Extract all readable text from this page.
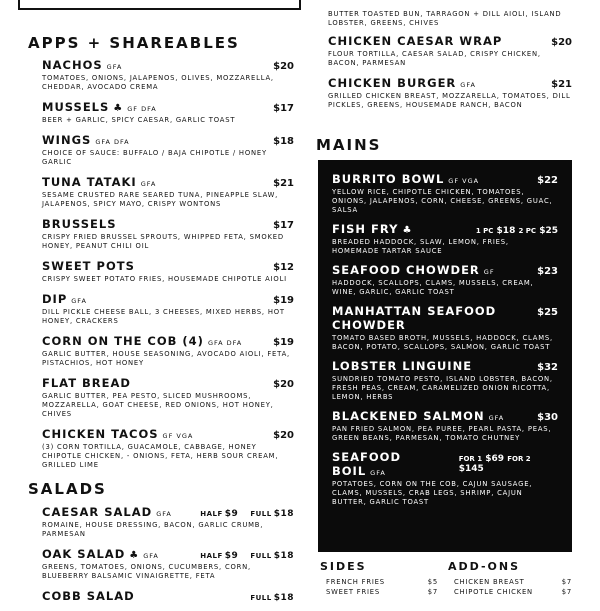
APPS + SHAREABLES
NACHOS GFA	$20
TOMATOES, ONIONS, JALAPENOS, OLIVES, MOZZARELLA, CHEDDAR, AVOCADO CREMA
MUSSELS ♣ GF DFA	$17
BEER + GARLIC, SPICY CAESAR, GARLIC TOAST
WINGS GFA DFA	$18
CHOICE OF SAUCE: BUFFALO / BAJA CHIPOTLE / HONEY GARLIC
TUNA TATAKI GFA	$21
SESAME CRUSTED RARE SEARED TUNA, PINEAPPLE SLAW, JALAPENOS, SPICY MAYO, CRISPY WONTONS
BRUSSELS	$17
CRISPY FRIED BRUSSEL SPROUTS, WHIPPED FETA, SMOKED HONEY, PEANUT CHILI OIL
SWEET POTS	$12
CRISPY SWEET POTATO FRIES, HOUSEMADE CHIPOTLE AIOLI
DIP GFA	$19
DILL PICKLE CHEESE BALL, 3 CHEESES, MIXED HERBS, HOT HONEY, CRACKERS
CORN ON THE COB (4) GFA DFA	$19
GARLIC BUTTER, HOUSE SEASONING, AVOCADO AIOLI, FETA, PISTACHIOS, HOT HONEY
FLAT BREAD	$20
GARLIC BUTTER, PEA PESTO, SLICED MUSHROOMS, MOZZARELLA, GOAT CHEESE, RED ONIONS, HOT HONEY, CHIVES
CHICKEN TACOS GF VGA	$20
(3) CORN TORTILLA, GUACAMOLE, CABBAGE, HONEY CHIPOTLE CHICKEN, - ONIONS, FETA, HERB SOUR CREAM, GRILLED LIME
SALADS
CAESAR SALAD GFA	HALF $9 FULL $18
ROMAINE, HOUSE DRESSING, BACON, GARLIC CRUMB, PARMESAN
OAK SALAD ♣ GFA	HALF $9 FULL $18
GREENS, TOMATOES, ONIONS, CUCUMBERS, CORN, BLUEBERRY BALSAMIC VINAIGRETTE, FETA
COBB SALAD	FULL $18
BUTTER TOASTED BUN, TARRAGON + DILL AIOLI, ISLAND LOBSTER, GREENS, CHIVES
CHICKEN CAESAR WRAP	$20
FLOUR TORTILLA, CAESAR SALAD, CRISPY CHICKEN, BACON, PARMESAN
CHICKEN BURGER GFA	$21
GRILLED CHICKEN BREAST, MOZZARELLA, TOMATOES, DILL PICKLES, GREENS, HOUSEMADE RANCH, BACON
MAINS
BURRITO BOWL GF VGA	$22
YELLOW RICE, CHIPOTLE CHICKEN, TOMATOES, ONIONS, JALAPENOS, CORN, CHEESE, GREENS, GUAC, SALSA
FISH FRY ♣	1 PC $18 2 PC $25
BREADED HADDOCK, SLAW, LEMON, FRIES, HOMEMADE TARTAR SAUCE
SEAFOOD CHOWDER GF	$23
HADDOCK, SCALLOPS, CLAMS, MUSSELS, CREAM, WINE, GARLIC, GARLIC TOAST
MANHATTAN SEAFOOD CHOWDER
$25
TOMATO BASED BROTH, MUSSELS, HADDOCK, CLAMS, BACON, POTATO, SCALLOPS, SALMON, GARLIC TOAST
LOBSTER LINGUINE	$32
SUNDRIED TOMATO PESTO, ISLAND LOBSTER, BACON, FRESH PEAS, CREAM, CARAMELIZED ONION RICOTTA, LEMON, HERBS
BLACKENED SALMON GFA	$30
PAN FRIED SALMON, PEA PUREE, PEARL PASTA, PEAS, GREEN BEANS, PARMESAN, TOMATO CHUTNEY
SEAFOOD BOIL GFA
FOR 1 $69 FOR 2 $145
POTATOES, CORN ON THE COB, CAJUN SAUSAGE, CLAMS, MUSSELS, CRAB LEGS, SHRIMP, CAJUN BUTTER, GARLIC TOAST
SIDES
FRENCH FRIES	$5
SWEET FRIES	$7
ADD-ONS
CHICKEN BREAST	$7
CHIPOTLE CHICKEN	$7
